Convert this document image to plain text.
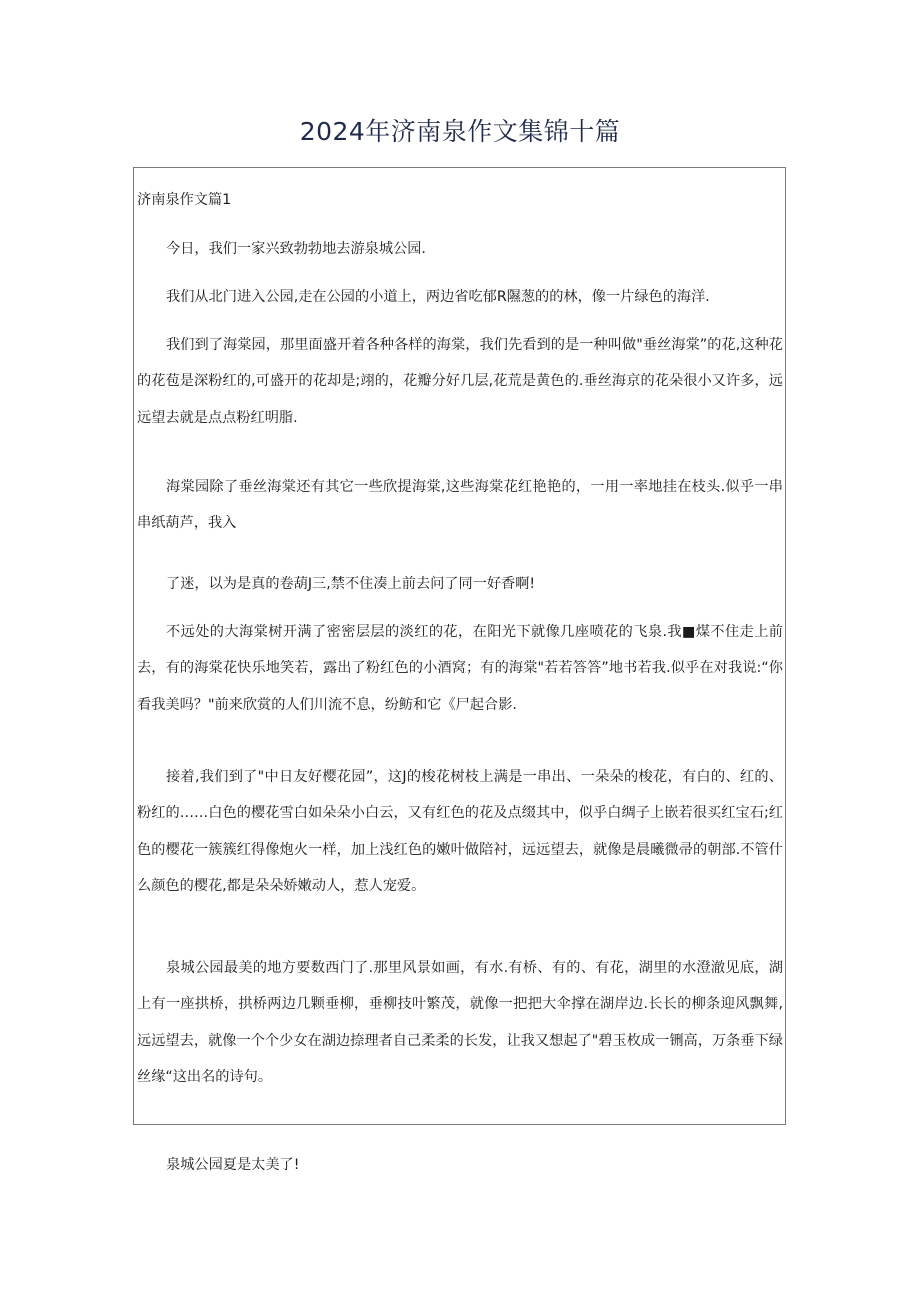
2024年济南泉作文集锦十篇

济南泉作文篇1

今日，我们一家兴致勃勃地去游泉城公园.

我们从北门进入公园,走在公园的小道上，两边省吃郁R隰葱的的林，像一片绿色的海洋.

我们到了海棠园，那里面盛开着各种各样的海棠，我们先看到的是一种叫做"垂丝海棠”的花,这种花的花苞是深粉红的,可盛开的花却是;翊的，花瓣分好几层,花荒是黄色的.垂丝海京的花朵很小又许多，远远望去就是点点粉红明脂.

海棠园除了垂丝海棠还有其它一些欣提海棠,这些海棠花红艳艳的，一用一率地挂在枝头.似乎一串串纸葫芦，我入

了迷，以为是真的卷葫J三,禁不住凑上前去问了同一好香啊!

不远处的大海棠树开满了密密层层的淡红的花，在阳光下就像几座喷花的飞泉.我■煤不住走上前去，有的海棠花快乐地笑若，露出了粉红色的小酒窝；有的海棠"若若答答”地书若我.似乎在对我说:“你看我美吗？"前来欣赏的人们川流不息，纷鲂和它《尸起合影.

接着,我们到了"中日友好樱花园”，这J的梭花树枝上满是一串出、一朵朵的梭花，有白的、红的、粉红的……白色的樱花雪白如朵朵小白云，又有红色的花及点缀其中，似乎白绸子上嵌若很买红宝石;红色的樱花一簇簇红得像炮火一样，加上浅红色的嫩叶做陪衬，远远望去，就像是晨曦微帚的朝部.不管什么颜色的樱花,都是朵朵娇嫩动人，惹人宠爱。

泉城公园最美的地方要数西门了.那里风景如画，有水.有桥、有的、有花，湖里的水澄澈见底，湖上有一座拱桥，拱桥两边几颗垂柳，垂柳技叶繁茂，就像一把把大伞撑在湖岸边.长长的柳条迎风飘舞,远远望去，就像一个个少女在湖边捺理者自己柔柔的长发，让我又想起了"碧玉枚成一铏高，万条垂下绿丝缘“这出名的诗句。

泉城公园夏是太美了!
